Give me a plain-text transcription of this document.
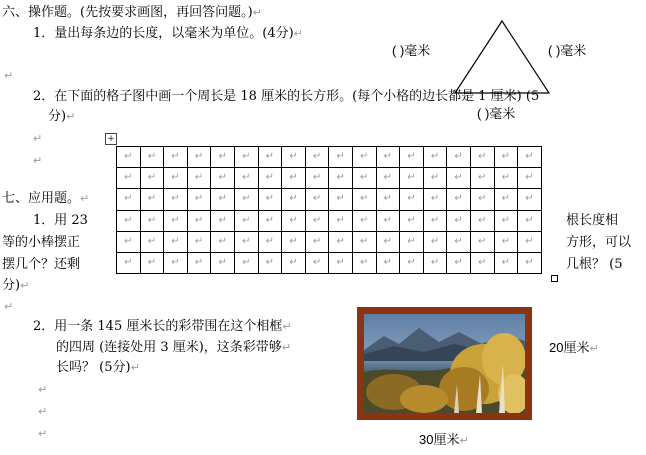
六、操作题。(先按要求画图，再回答问题。)↵
1．量出每条边的长度，以毫米为单位。(4分)↵
( )毫米	( )毫米
( )毫米
↵
2．在下面的格子图中画一个周长是 18 厘米的长方形。(每个小格的边长都是 1 厘米) (5
分)↵
↵
↵
+
↵	↵	↵	↵	↵	↵	↵	↵	↵	↵	↵	↵	↵	↵	↵	↵	↵	↵
↵	↵	↵	↵	↵	↵	↵	↵	↵	↵	↵	↵	↵	↵	↵	↵	↵	↵
↵	↵	↵	↵	↵	↵	↵	↵	↵	↵	↵	↵	↵	↵	↵	↵	↵	↵
↵	↵	↵	↵	↵	↵	↵	↵	↵	↵	↵	↵	↵	↵	↵	↵	↵	↵
↵	↵	↵	↵	↵	↵	↵	↵	↵	↵	↵	↵	↵	↵	↵	↵	↵	↵
↵	↵	↵	↵	↵	↵	↵	↵	↵	↵	↵	↵	↵	↵	↵	↵	↵	↵
七、应用题。↵
1．用 23
等的小棒摆正
摆几个？还剩
分)↵
根长度相
方形，可以
几根？ (5
↵
2．用一条 145 厘米长的彩带围在这个相框↵
的四周 (连接处用 3 厘米)，这条彩带够↵
长吗？ (5分)↵
↵
↵
↵
20厘米↵
30厘米↵
